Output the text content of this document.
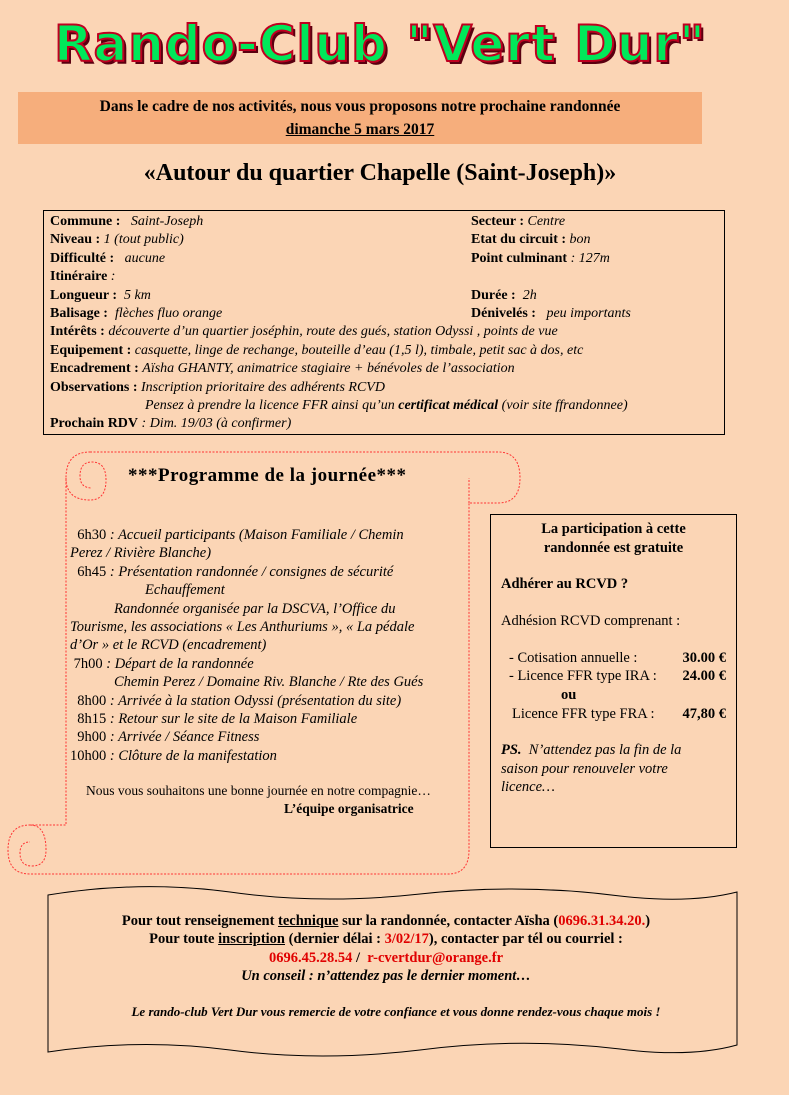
Rando-Club "Vert Dur"
Dans le cadre de nos activités, nous vous proposons notre prochaine randonnée
dimanche 5 mars 2017
«Autour du quartier Chapelle (Saint-Joseph)»
Commune : Saint-Joseph	Secteur : Centre
Niveau : 1 (tout public)	Etat du circuit : bon
Difficulté : aucune	Point culminant : 127m
Itinéraire :
Longueur : 5 km	Durée : 2h
Balisage : flèches fluo orange	Dénivelés : peu importants
Intérêts : découverte d’un quartier joséphin, route des gués, station Odyssi , points de vue
Equipement : casquette, linge de rechange, bouteille d’eau (1,5 l), timbale, petit sac à dos, etc
Encadrement : Aïsha GHANTY, animatrice stagiaire + bénévoles de l’association
Observations : Inscription prioritaire des adhérents RCVD
Pensez à prendre la licence FFR ainsi qu’un certificat médical (voir site ffrandonnee)
Prochain RDV : Dim. 19/03 (à confirmer)
***Programme de la journée***
6h30 : Accueil participants (Maison Familiale / Chemin
Perez / Rivière Blanche)
6h45 : Présentation randonnée / consignes de sécurité
Echauffement
Randonnée organisée par la DSCVA, l’Office du
Tourisme, les associations « Les Anthuriums », « La pédale
d’Or » et le RCVD (encadrement)
7h00 : Départ de la randonnée
Chemin Perez / Domaine Riv. Blanche / Rte des Gués
8h00 : Arrivée à la station Odyssi (présentation du site)
8h15 : Retour sur le site de la Maison Familiale
9h00 : Arrivée / Séance Fitness
10h00 : Clôture de la manifestation
Nous vous souhaitons une bonne journée en notre compagnie…
L’équipe organisatrice
La participation à cette
randonnée est gratuite
Adhérer au RCVD ?
Adhésion RCVD comprenant :
- Cotisation annuelle :	30.00 €
- Licence FFR type IRA : 24.00 €
ou
Licence FFR type FRA : 47,80 €
PS. N’attendez pas la fin de la
saison pour renouveler votre
licence…
Pour tout renseignement technique sur la randonnée, contacter Aïsha (0696.31.34.20.)
Pour toute inscription (dernier délai : 3/02/17), contacter par tél ou courriel :
0696.45.28.54 / r-cvertdur@orange.fr
Un conseil : n’attendez pas le dernier moment…
Le rando-club Vert Dur vous remercie de votre confiance et vous donne rendez-vous chaque mois !
